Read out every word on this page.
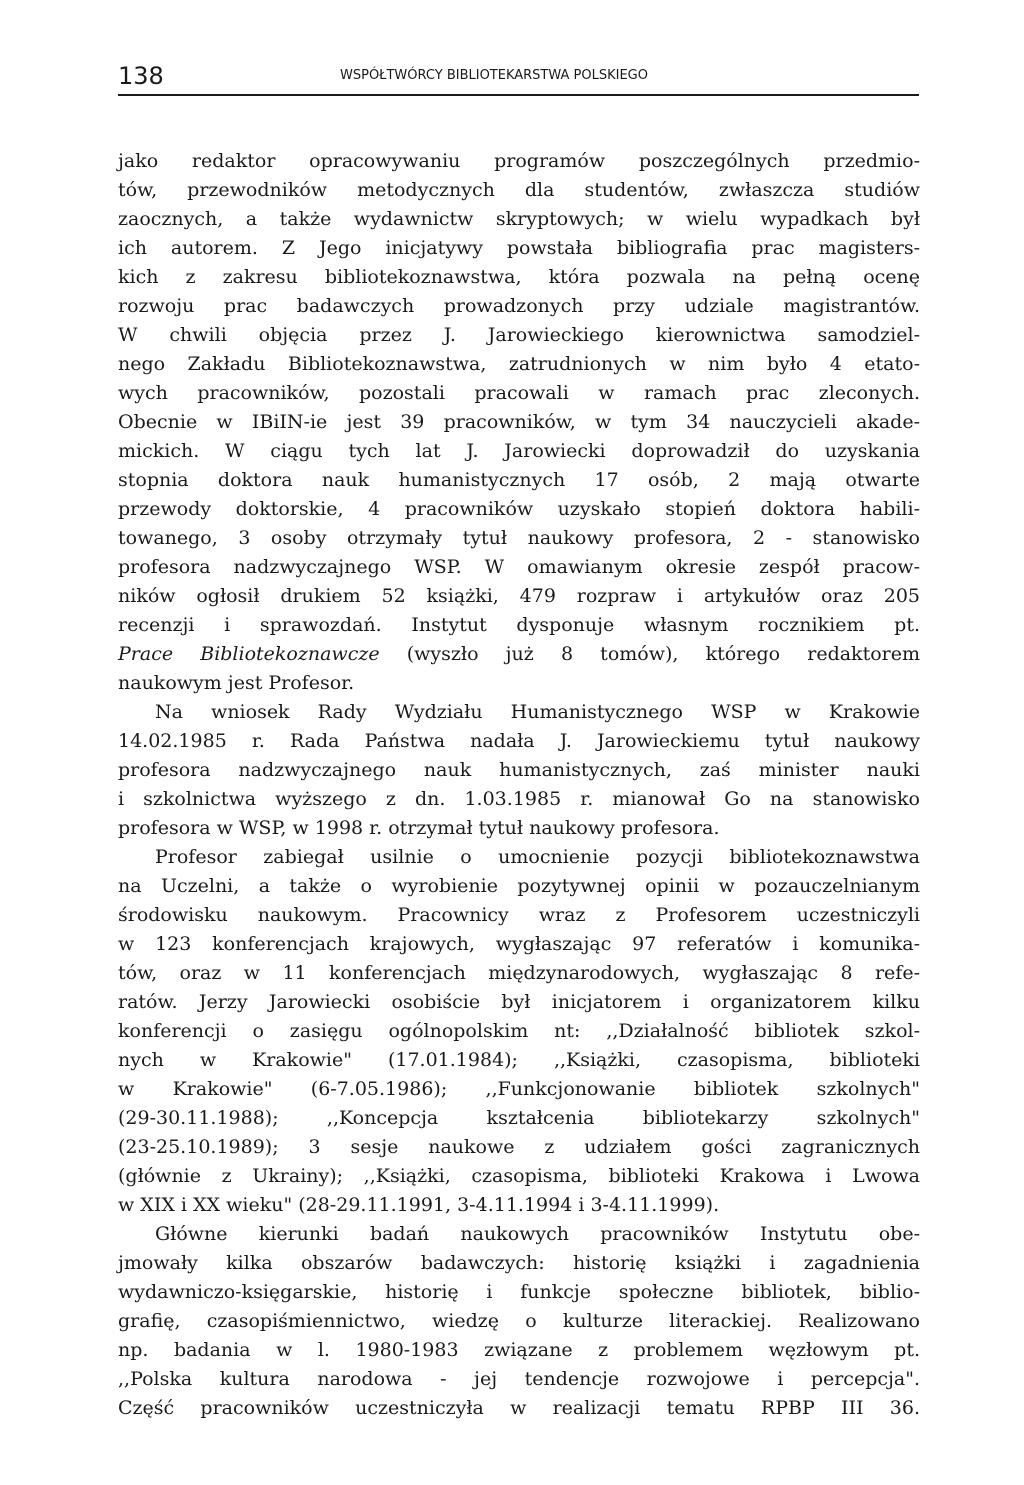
138	WSPÓŁTWÓRCY BIBLIOTEKARSTWA POLSKIEGO

jako redaktor opracowywaniu programów poszczególnych przedmio-
tów, przewodników metodycznych dla studentów, zwłaszcza studiów
zaocznych, a także wydawnictw skryptowych; w wielu wypadkach był
ich autorem. Z Jego inicjatywy powstała bibliografia prac magisters-
kich z zakresu bibliotekoznawstwa, która pozwala na pełną ocenę
rozwoju prac badawczych prowadzonych przy udziale magistrantów.
W chwili objęcia przez J. Jarowieckiego kierownictwa samodziel-
nego Zakładu Bibliotekoznawstwa, zatrudnionych w nim było 4 etato-
wych pracowników, pozostali pracowali w ramach prac zleconych.
Obecnie w IBiIN-ie jest 39 pracowników, w tym 34 nauczycieli akade-
mickich. W ciągu tych lat J. Jarowiecki doprowadził do uzyskania
stopnia doktora nauk humanistycznych 17 osób, 2 mają otwarte
przewody doktorskie, 4 pracowników uzyskało stopień doktora habili-
towanego, 3 osoby otrzymały tytuł naukowy profesora, 2 - stanowisko
profesora nadzwyczajnego WSP. W omawianym okresie zespół pracow-
ników ogłosił drukiem 52 książki, 479 rozpraw i artykułów oraz 205
recenzji i sprawozdań. Instytut dysponuje własnym rocznikiem pt.
Prace Bibliotekoznawcze (wyszło już 8 tomów), którego redaktorem
naukowym jest Profesor.

Na wniosek Rady Wydziału Humanistycznego WSP w Krakowie
14.02.1985 r. Rada Państwa nadała J. Jarowieckiemu tytuł naukowy
profesora nadzwyczajnego nauk humanistycznych, zaś minister nauki
i szkolnictwa wyższego z dn. 1.03.1985 r. mianował Go na stanowisko
profesora w WSP, w 1998 r. otrzymał tytuł naukowy profesora.

Profesor zabiegał usilnie o umocnienie pozycji bibliotekoznawstwa
na Uczelni, a także o wyrobienie pozytywnej opinii w pozauczelnianym
środowisku naukowym. Pracownicy wraz z Profesorem uczestniczyli
w 123 konferencjach krajowych, wygłaszając 97 referatów i komunika-
tów, oraz w 11 konferencjach międzynarodowych, wygłaszając 8 refe-
ratów. Jerzy Jarowiecki osobiście był inicjatorem i organizatorem kilku
konferencji o zasięgu ogólnopolskim nt: ,,Działalność bibliotek szkol-
nych w Krakowie" (17.01.1984); ,,Książki, czasopisma, biblioteki
w Krakowie" (6-7.05.1986); ,,Funkcjonowanie bibliotek szkolnych"
(29-30.11.1988); ,,Koncepcja kształcenia bibliotekarzy szkolnych"
(23-25.10.1989); 3 sesje naukowe z udziałem gości zagranicznych
(głównie z Ukrainy); ,,Książki, czasopisma, biblioteki Krakowa i Lwowa
w XIX i XX wieku" (28-29.11.1991, 3-4.11.1994 i 3-4.11.1999).

Główne kierunki badań naukowych pracowników Instytutu obe-
jmowały kilka obszarów badawczych: historię książki i zagadnienia
wydawniczo-księgarskie, historię i funkcje społeczne bibliotek, biblio-
grafię, czasopiśmiennictwo, wiedzę o kulturze literackiej. Realizowano
np. badania w l. 1980-1983 związane z problemem węzłowym pt.
,,Polska kultura narodowa - jej tendencje rozwojowe i percepcja".
Część pracowników uczestniczyła w realizacji tematu RPBP III 36.
